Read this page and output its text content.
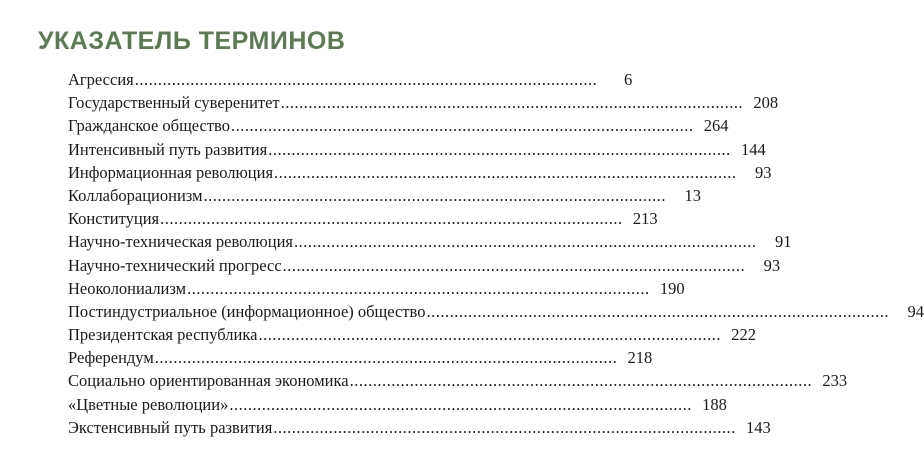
УКАЗАТЕЛЬ ТЕРМИНОВ
Агрессия ....................................................................................................	6
Государственный суверенитет .................................................................................................... 208
Гражданское общество .................................................................................................... 264
Интенсивный путь развития .................................................................................................... 144
Информационная революция ....................................................................................................	93
Коллаборационизм ....................................................................................................	13
Конституция .................................................................................................... 213
Научно-техническая революция ....................................................................................................	91
Научно-технический прогресс ....................................................................................................	93
Неоколониализм .................................................................................................... 190
Постиндустриальное (информационное) общество ....................................................................................................	94
Президентская республика .................................................................................................... 222
Референдум .................................................................................................... 218
Социально ориентированная экономика .................................................................................................... 233
«Цветные революции» .................................................................................................... 188
Экстенсивный путь развития .................................................................................................... 143
